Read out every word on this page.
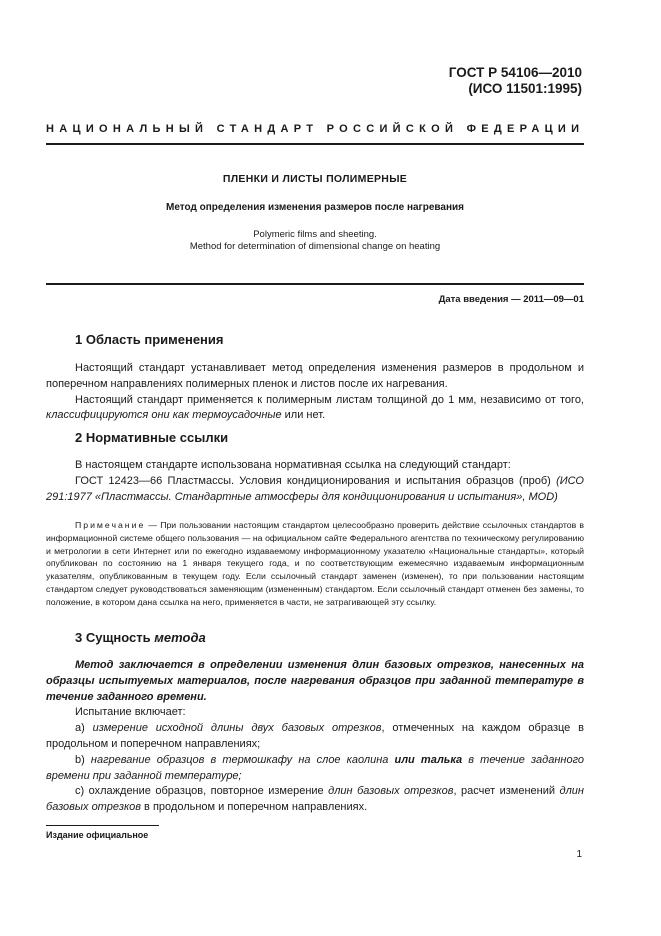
ГОСТ Р 54106—2010
(ИСО 11501:1995)
НАЦИОНАЛЬНЫЙ СТАНДАРТ РОССИЙСКОЙ ФЕДЕРАЦИИ
ПЛЕНКИ И ЛИСТЫ ПОЛИМЕРНЫЕ
Метод определения изменения размеров после нагревания
Polymeric films and sheeting.
Method for determination of dimensional change on heating
Дата введения — 2011—09—01
1 Область применения

Настоящий стандарт устанавливает метод определения изменения размеров в продольном и поперечном направлениях полимерных пленок и листов после их нагревания.

Настоящий стандарт применяется к полимерным листам толщиной до 1 мм, независимо от того, классифицируются они как термоусадочные или нет.

2 Нормативные ссылки

В настоящем стандарте использована нормативная ссылка на следующий стандарт:

ГОСТ 12423—66 Пластмассы. Условия кондиционирования и испытания образцов (проб) (ИСО 291:1977 «Пластмассы. Стандартные атмосферы для кондиционирования и испытания», MOD)

Примечание — При пользовании настоящим стандартом целесообразно проверить действие ссылочных стандартов в информационной системе общего пользования — на официальном сайте Федерального агентства по техническому регулированию и метрологии в сети Интернет или по ежегодно издаваемому информационному указателю «Национальные стандарты», который опубликован по состоянию на 1 января текущего года, и по соответствующим ежемесячно издаваемым информационным указателям, опубликованным в текущем году. Если ссылочный стандарт заменен (изменен), то при пользовании настоящим стандартом следует руководствоваться заменяющим (измененным) стандартом. Если ссылочный стандарт отменен без замены, то положение, в котором дана ссылка на него, применяется в части, не затрагивающей эту ссылку.

3 Сущность метода

Метод заключается в определении изменения длин базовых отрезков, нанесенных на образцы испытуемых материалов, после нагревания образцов при заданной температуре в течение заданного времени.

Испытание включает:

а) измерение исходной длины двух базовых отрезков, отмеченных на каждом образце в продольном и поперечном направлениях;

b) нагревание образцов в термошкафу на слое каолина или талька в течение заданного времени при заданной температуре;

с) охлаждение образцов, повторное измерение длин базовых отрезков, расчет изменений длин базовых отрезков в продольном и поперечном направлениях.

Издание официальное
1
